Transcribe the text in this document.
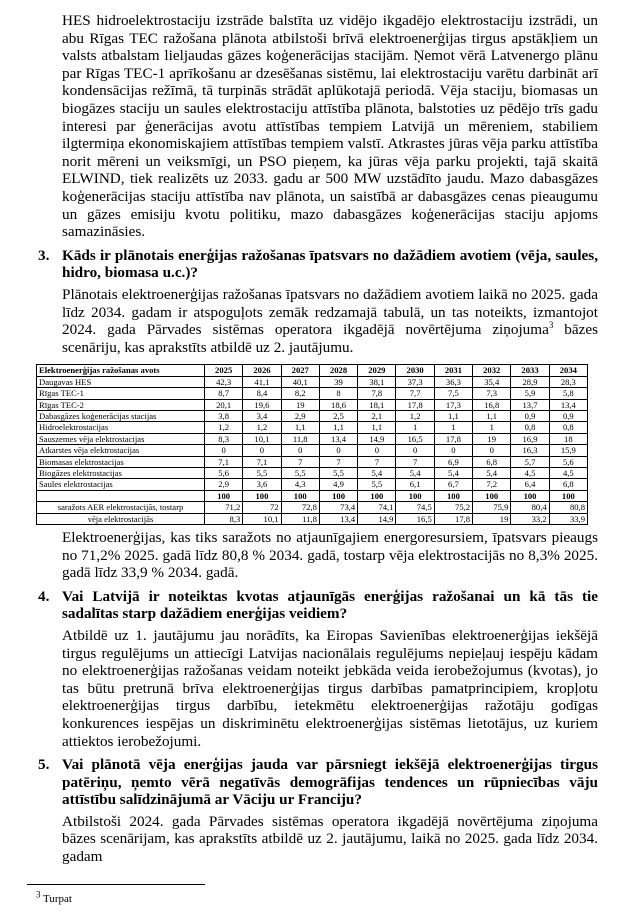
HES hidroelektrostaciju izstrāde balstīta uz vidējo ikgadējo elektrostaciju izstrādi, un abu Rīgas TEC ražošana plānota atbilstoši brīvā elektroenerģijas tirgus apstākļiem un valsts atbalstam lieljaudas gāzes koģenerācijas stacijām. Ņemot vērā Latvenergo plānu par Rīgas TEC-1 aprīkošanu ar dzesēšanas sistēmu, lai elektrostaciju varētu darbināt arī kondensācijas režīmā, tā turpinās strādāt aplūkotajā periodā. Vēja staciju, biomasas un biogāzes staciju un saules elektrostaciju attīstība plānota, balstoties uz pēdējo trīs gadu interesi par ģenerācijas avotu attīstības tempiem Latvijā un mēreniem, stabiliem ilgtermiņa ekonomiskajiem attīstības tempiem valstī. Atkrastes jūras vēja parku attīstība norit mēreni un veiksmīgi, un PSO pieņem, ka jūras vēja parku projekti, tajā skaitā ELWIND, tiek realizēts uz 2033. gadu ar 500 MW uzstādīto jaudu. Mazo dabasgāzes koģenerācijas staciju attīstība nav plānota, un saistībā ar dabasgāzes cenas pieaugumu un gāzes emisiju kvotu politiku, mazo dabasgāzes koģenerācijas staciju apjoms samazināsies.

3. Kāds ir plānotais enerģijas ražošanas īpatsvars no dažādiem avotiem (vēja, saules, hidro, biomasa u.c.)?

Plānotais elektroenerģijas ražošanas īpatsvars no dažādiem avotiem laikā no 2025. gada līdz 2034. gadam ir atspoguļots zemāk redzamajā tabulā, un tas noteikts, izmantojot 2024. gada Pārvades sistēmas operatora ikgadējā novērtējuma ziņojuma$^3$ bāzes scenāriju, kas aprakstīts atbildē uz 2. jautājumu.

Elektroenerģijas ražošanas avots	2025	2026	2027	2028	2029	2030	2031	2032	2033	2034
Daugavas HES	42,3	41,1	40,1	39	38,1	37,3	36,3	35,4	28,9	28,3
Rīgas TEC-1	8,7	8,4	8,2	8	7,8	7,7	7,5	7,3	5,9	5,8
Rīgas TEC-2	20,1	19,6	19	18,6	18,1	17,8	17,3	16,8	13,7	13,4
Dabasgāzes koģenerācijas stacijas	3,8	3,4	2,9	2,5	2,1	1,2	1,1	1,1	0,9	0,9
Hidroelektrostacijas	1,2	1,2	1,1	1,1	1,1	1	1	1	0,8	0,8
Sauszemes vēja elektrostacijas	8,3	10,1	11,8	13,4	14,9	16,5	17,8	19	16,9	18
Atkarstes vēja elektrostacijas	0	0	0	0	0	0	0	0	16,3	15,9
Biomasas elektrostacijas	7,1	7,1	7	7	7	7	6,9	6,8	5,7	5,6
Biogāzes elektrostacijas	5,6	5,5	5,5	5,5	5,4	5,4	5,4	5,4	4,5	4,5
Saules elektrostacijas	2,9	3,6	4,3	4,9	5,5	6,1	6,7	7,2	6,4	6,8
	100	100	100	100	100	100	100	100	100	100
saražots AER elektrostacijās, tostarp	71,2	72	72,8	73,4	74,1	74,5	75,2	75,9	80,4	80,8
vēja elektrostacijās	8,3	10,1	11,8	13,4	14,9	16,5	17,8	19	33,2	33,9

Elektroenerģijas, kas tiks saražots no atjaunīgajiem energoresursiem, īpatsvars pieaugs no 71,2% 2025. gadā līdz 80,8 % 2034. gadā, tostarp vēja elektrostacijās no 8,3% 2025. gadā līdz 33,9 % 2034. gadā.

4. Vai Latvijā ir noteiktas kvotas atjaunīgās enerģijas ražošanai un kā tās tie sadalītas starp dažādiem enerģijas veidiem?

Atbildē uz 1. jautājumu jau norādīts, ka Eiropas Savienības elektroenerģijas iekšējā tirgus regulējums un attiecīgi Latvijas nacionālais regulējums nepieļauj iespēju kādam no elektroenerģijas ražošanas veidam noteikt jebkāda veida ierobežojumus (kvotas), jo tas būtu pretrunā brīva elektroenerģijas tirgus darbības pamatprincipiem, kropļotu elektroenerģijas tirgus darbību, ietekmētu elektroenerģijas ražotāju godīgas konkurences iespējas un diskriminētu elektroenerģijas sistēmas lietotājus, uz kuriem attiektos ierobežojumi.

5. Vai plānotā vēja enerģijas jauda var pārsniegt iekšējā elektroenerģijas tirgus patēriņu, ņemto vērā negatīvās demogrāfijas tendences un rūpniecības vāju attīstību salīdzinājumā ar Vāciju ur Franciju?

Atbilstoši 2024. gada Pārvades sistēmas operatora ikgadējā novērtējuma ziņojuma bāzes scenārijam, kas aprakstīts atbildē uz 2. jautājumu, laikā no 2025. gada līdz 2034. gadam

$^3$ Turpat
